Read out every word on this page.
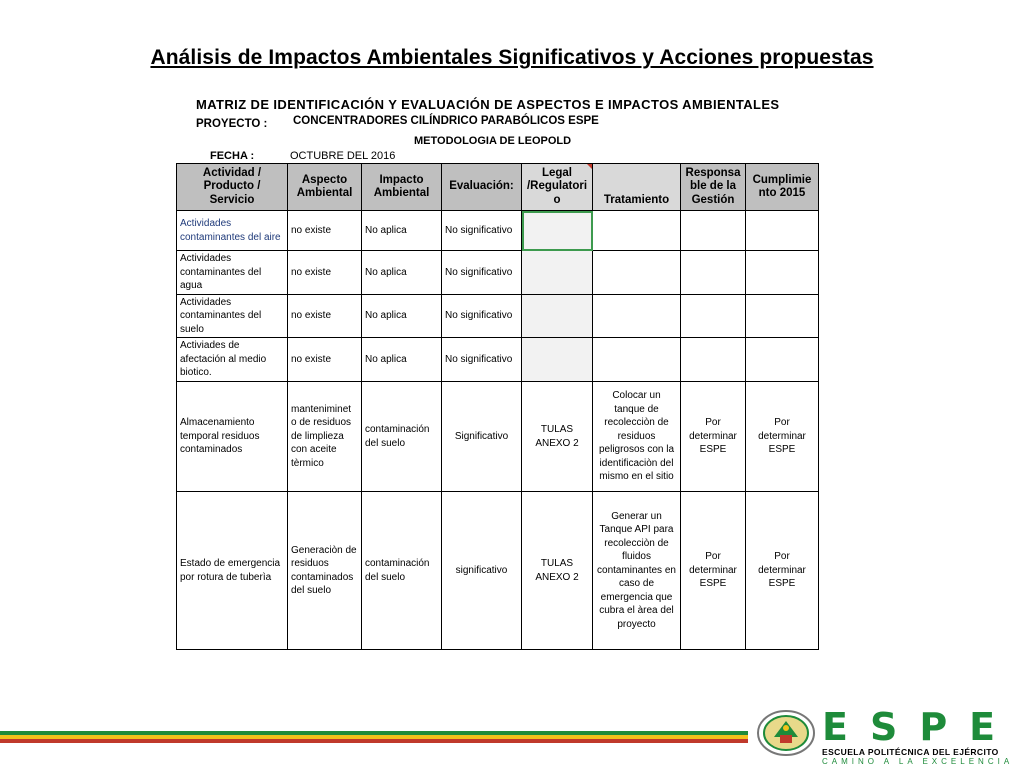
Análisis de Impactos Ambientales Significativos y Acciones propuestas
MATRIZ DE IDENTIFICACIÓN Y EVALUACIÓN DE ASPECTOS E IMPACTOS AMBIENTALES
PROYECTO : CONCENTRADORES CILÍNDRICO PARABÓLICOS ESPE
METODOLOGIA DE LEOPOLD
FECHA :	OCTUBRE DEL 2016
Actividad / Producto / Servicio	Aspecto Ambiental	Impacto Ambiental	Evaluación:	Legal /Regulatori o	Tratamiento	Responsa ble de la Gestión	Cumplimie nto 2015
Actividades contaminantes del aire	no existe	No aplica	No significativo				
Actividades contaminantes del agua	no existe	No aplica	No significativo				
Actividades contaminantes del suelo	no existe	No aplica	No significativo				
Activiades de afectación al medio biotico.	no existe	No aplica	No significativo				
Almacenamiento temporal residuos contaminados	manteniminet o de residuos de limplieza con aceite tèrmico	contaminación del suelo	Significativo	TULAS ANEXO 2	Colocar un tanque de recolecciòn de residuos peligrosos con la identificaciòn del mismo en el sitio	Por determinar ESPE	Por determinar ESPE
Estado de emergencia por rotura de tuberìa	Generaciòn de residuos contaminados del suelo	contaminación del suelo	significativo	TULAS ANEXO 2	Generar un Tanque API para recolecciòn de fluidos contaminantes en caso de emergencia que cubra el àrea del proyecto	Por determinar ESPE	Por determinar ESPE
ESPE
ESCUELA POLITÉCNICA DEL EJÉRCITO
CAMINO A LA EXCELENCIA
